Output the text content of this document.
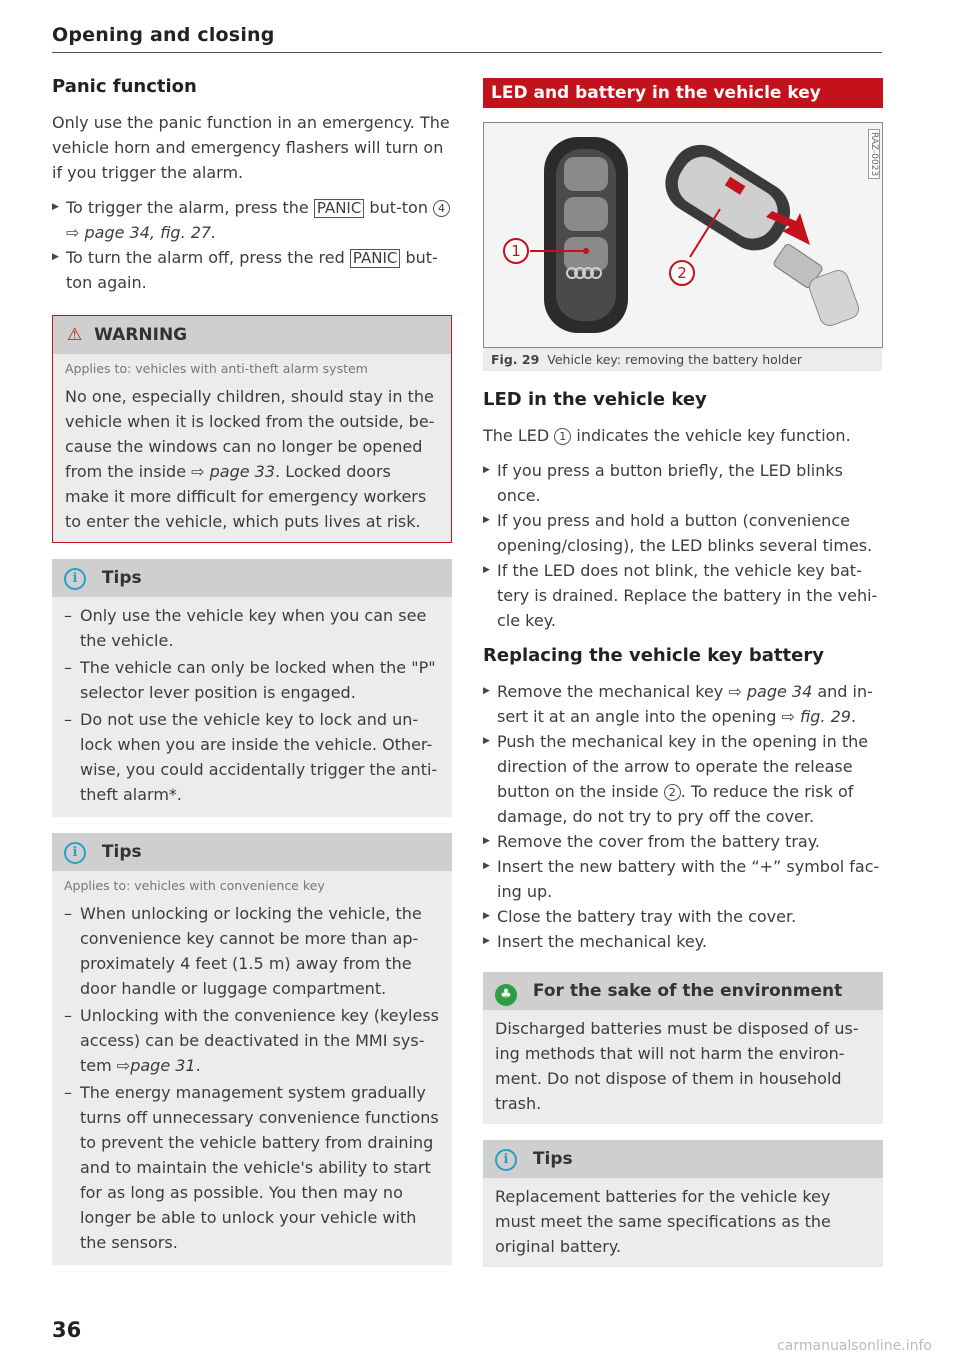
Opening and closing
Panic function

Only use the panic function in an emergency. The vehicle horn and emergency flashers will turn on if you trigger the alarm.

▶ To trigger the alarm, press the PANIC but-ton 4⇨ page 34, fig. 27.
▶ To turn the alarm off, press the red PANIC but-ton again.
⚠ WARNING
Applies to: vehicles with anti-theft alarm system

No one, especially children, should stay in the vehicle when it is locked from the outside, be-cause the windows can no longer be opened from the inside ⇨ page 33. Locked doors make it more difficult for emergency workers to enter the vehicle, which puts lives at risk.

i Tips
– Only use the vehicle key when you can see the vehicle.
– The vehicle can only be locked when the "P" selector lever position is engaged.
– Do not use the vehicle key to lock and un-lock when you are inside the vehicle. Other-wise, you could accidentally trigger the anti-theft alarm*.
i Tips
Applies to: vehicles with convenience key
– When unlocking or locking the vehicle, the convenience key cannot be more than ap-proximately 4 feet (1.5 m) away from the door handle or luggage compartment.
– Unlocking with the convenience key (keyless access) can be deactivated in the MMI sys-tem ⇨page 31.
– The energy management system gradually turns off unnecessary convenience functions to prevent the vehicle battery from draining and to maintain the vehicle's ability to start for as long as possible. You then may no longer be able to unlock your vehicle with the sensors.
LED and battery in the vehicle key
RAZ-0023
1
2
Fig. 29 Vehicle key: removing the battery holder
LED in the vehicle key

The LED 1 indicates the vehicle key function.

▶ If you press a button briefly, the LED blinks once.
▶ If you press and hold a button (convenience opening/closing), the LED blinks several times.
▶ If the LED does not blink, the vehicle key bat-tery is drained. Replace the battery in the vehi-cle key.
Replacing the vehicle key battery
▶ Remove the mechanical key ⇨ page 34 and in-sert it at an angle into the opening ⇨ fig. 29.
▶ Push the mechanical key in the opening in the direction of the arrow to operate the release button on the inside 2 . To reduce the risk of damage, do not try to pry off the cover.
▶ Remove the cover from the battery tray.
▶ Insert the new battery with the “+” symbol fac-ing up.
▶ Close the battery tray with the cover.
▶ Insert the mechanical key.
♣ For the sake of the environment

Discharged batteries must be disposed of us-ing methods that will not harm the environ-ment. Do not dispose of them in household trash.

i Tips

Replacement batteries for the vehicle key must meet the same specifications as the original battery.

36
carmanualsonline.info
